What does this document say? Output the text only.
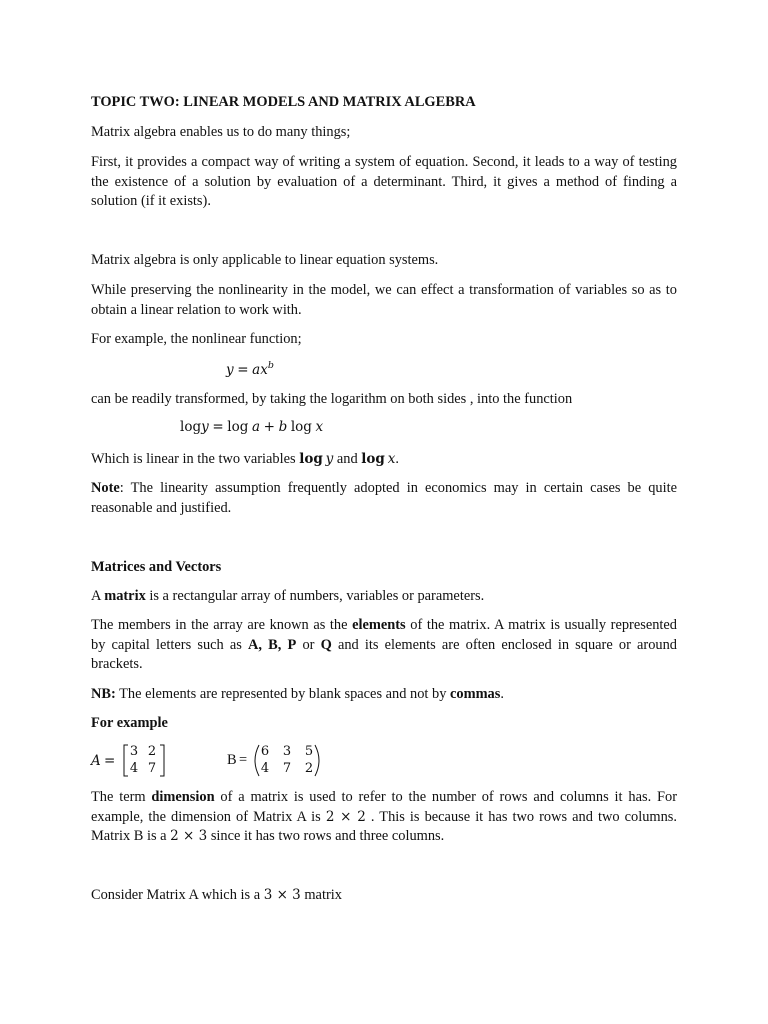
TOPIC TWO: LINEAR MODELS AND MATRIX ALGEBRA

Matrix algebra enables us to do many things;

First, it provides a compact way of writing a system of equation. Second, it leads to a way of testing the existence of a solution by evaluation of a determinant. Third, it gives a method of finding a solution (if it exists).

Matrix algebra is only applicable to linear equation systems.

While preserving the nonlinearity in the model, we can effect a transformation of variables so as to obtain a linear relation to work with.

For example, the nonlinear function;

$y = ax^b$

can be readily transformed, by taking the logarithm on both sides , into the function

logy = log a + b log x

Which is linear in the two variables log  y and log  x.

Note: The linearity assumption frequently adopted in economics may in certain cases be quite reasonable and justified.

Matrices and Vectors

A matrix is a rectangular array of numbers, variables or parameters.

The members in the array are known as the elements of the matrix. A matrix is usually represented by capital letters such as A, B, P or Q and its elements are often enclosed in square or around brackets.

NB: The elements are represented by blank spaces and not by commas.

For example

A =
3 2
4 7
B =
6	3	5
4	7	2

The term dimension of a matrix is used to refer to the number of rows and columns it has. For example, the dimension of Matrix A is 2 × 2 . This is because it has two rows and two columns. Matrix B is a 2 × 3 since it has two rows and three columns.

Consider Matrix A which is a 3 × 3 matrix
